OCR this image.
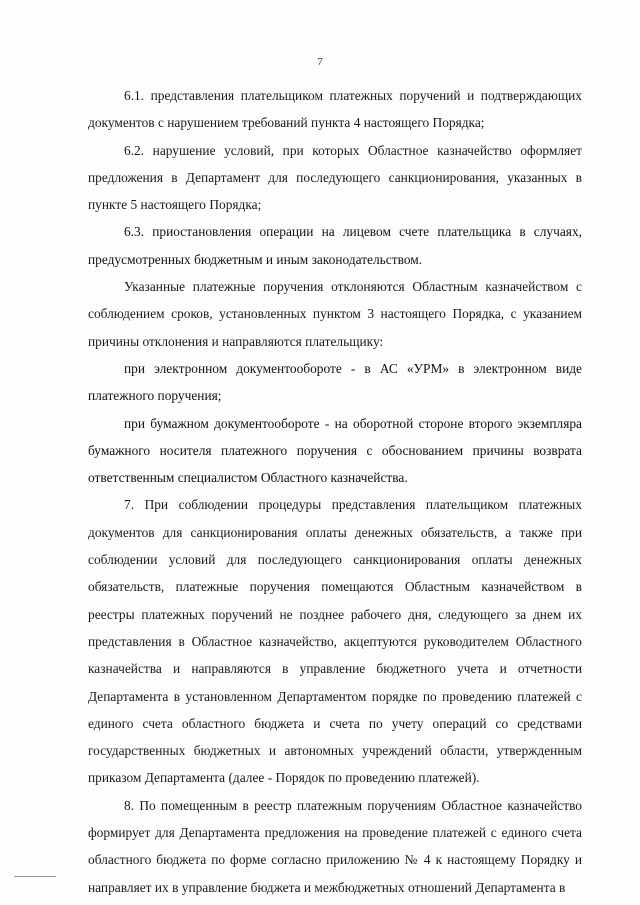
7

6.1. представления плательщиком платежных поручений и подтверждающих документов с нарушением требований пункта 4 настоящего Порядка;

6.2. нарушение условий, при которых Областное казначейство оформляет предложения в Департамент для последующего санкционирования, указанных в пункте 5 настоящего Порядка;

6.3. приостановления операции на лицевом счете плательщика в случаях, предусмотренных бюджетным и иным законодательством.

Указанные платежные поручения отклоняются Областным казначейством с соблюдением сроков, установленных пунктом 3 настоящего Порядка, с указанием причины отклонения и направляются плательщику:

при электронном документообороте - в АС «УРМ» в электронном виде платежного поручения;

при бумажном документообороте - на оборотной стороне второго экземпляра бумажного носителя платежного поручения с обоснованием причины возврата ответственным специалистом Областного казначейства.

7. При соблюдении процедуры представления плательщиком платежных документов для санкционирования оплаты денежных обязательств, а также при соблюдении условий для последующего санкционирования оплаты денежных обязательств, платежные поручения помещаются Областным казначейством в реестры платежных поручений не позднее рабочего дня, следующего за днем их представления в Областное казначейство, акцептуются руководителем Областного казначейства и направляются в управление бюджетного учета и отчетности Департамента в установленном Департаментом порядке по проведению платежей с единого счета областного бюджета и счета по учету операций со средствами государственных бюджетных и автономных учреждений области, утвержденным приказом Департамента (далее - Порядок по проведению платежей).

8. По помещенным в реестр платежным поручениям Областное казначейство формирует для Департамента предложения на проведение платежей с единого счета областного бюджета по форме согласно приложению № 4 к настоящему Порядку и направляет их в управление бюджета и межбюджетных отношений Департамента в
